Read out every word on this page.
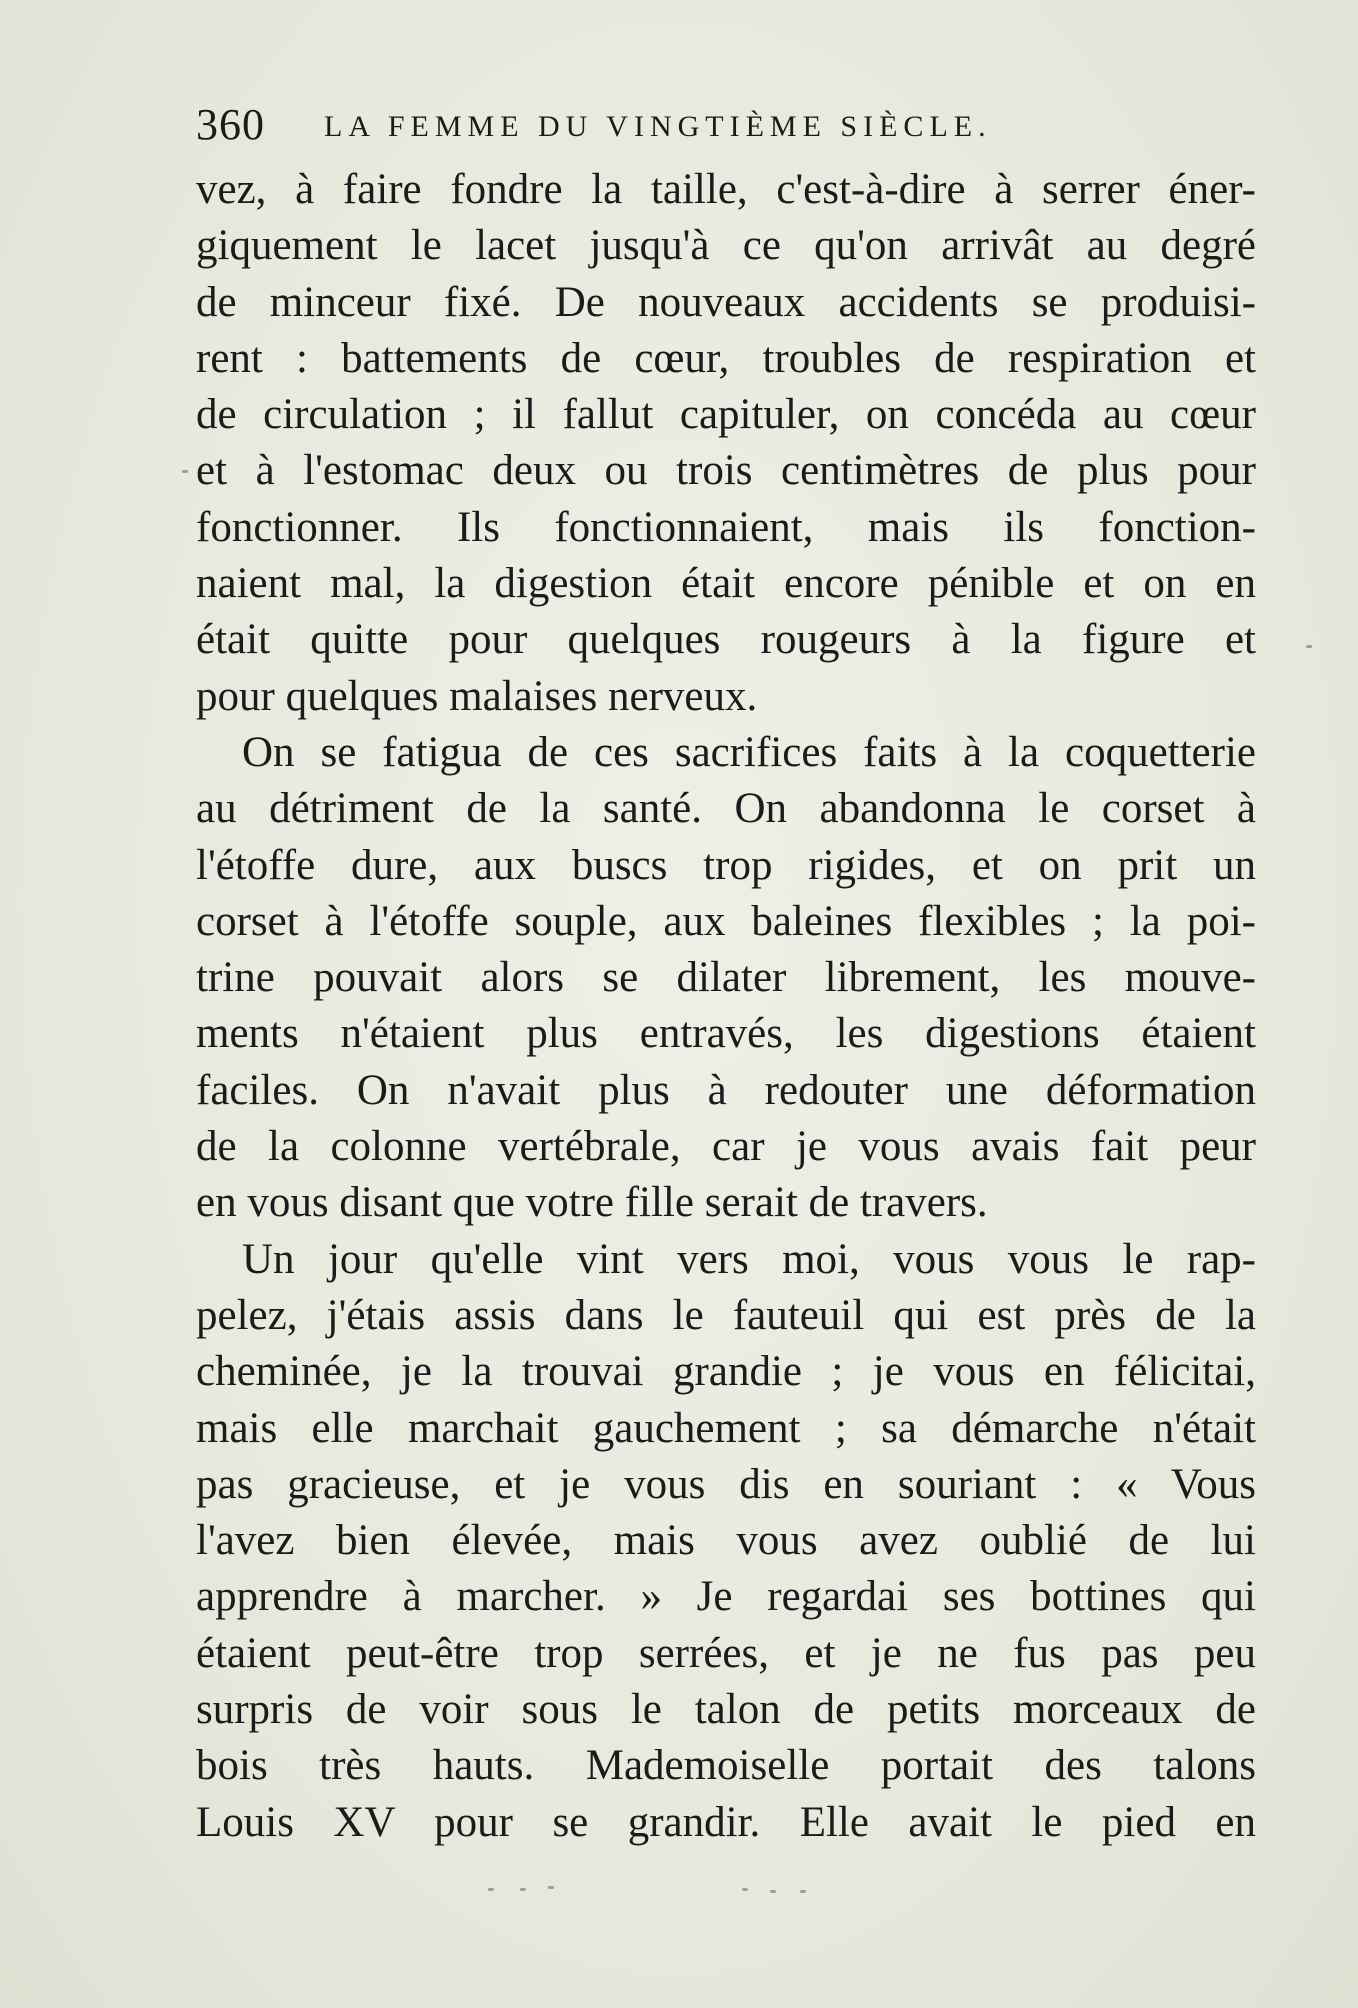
360 LA FEMME DU VINGTIÈME SIÈCLE.
vez, à faire fondre la taille, c'est-à-dire à serrer éner-
giquement le lacet jusqu'à ce qu'on arrivât au degré
de minceur fixé. De nouveaux accidents se produisi-
rent : battements de cœur, troubles de respiration et
de circulation ; il fallut capituler, on concéda au cœur
et à l'estomac deux ou trois centimètres de plus pour
fonctionner. Ils fonctionnaient, mais ils fonction-
naient mal, la digestion était encore pénible et on en
était quitte pour quelques rougeurs à la figure et
pour quelques malaises nerveux.
On se fatigua de ces sacrifices faits à la coquetterie
au détriment de la santé. On abandonna le corset à
l'étoffe dure, aux buscs trop rigides, et on prit un
corset à l'étoffe souple, aux baleines flexibles ; la poi-
trine pouvait alors se dilater librement, les mouve-
ments n'étaient plus entravés, les digestions étaient
faciles. On n'avait plus à redouter une déformation
de la colonne vertébrale, car je vous avais fait peur
en vous disant que votre fille serait de travers.
Un jour qu'elle vint vers moi, vous vous le rap-
pelez, j'étais assis dans le fauteuil qui est près de la
cheminée, je la trouvai grandie ; je vous en félicitai,
mais elle marchait gauchement ; sa démarche n'était
pas gracieuse, et je vous dis en souriant : « Vous
l'avez bien élevée, mais vous avez oublié de lui
apprendre à marcher. » Je regardai ses bottines qui
étaient peut-être trop serrées, et je ne fus pas peu
surpris de voir sous le talon de petits morceaux de
bois très hauts. Mademoiselle portait des talons
Louis XV pour se grandir. Elle avait le pied en
